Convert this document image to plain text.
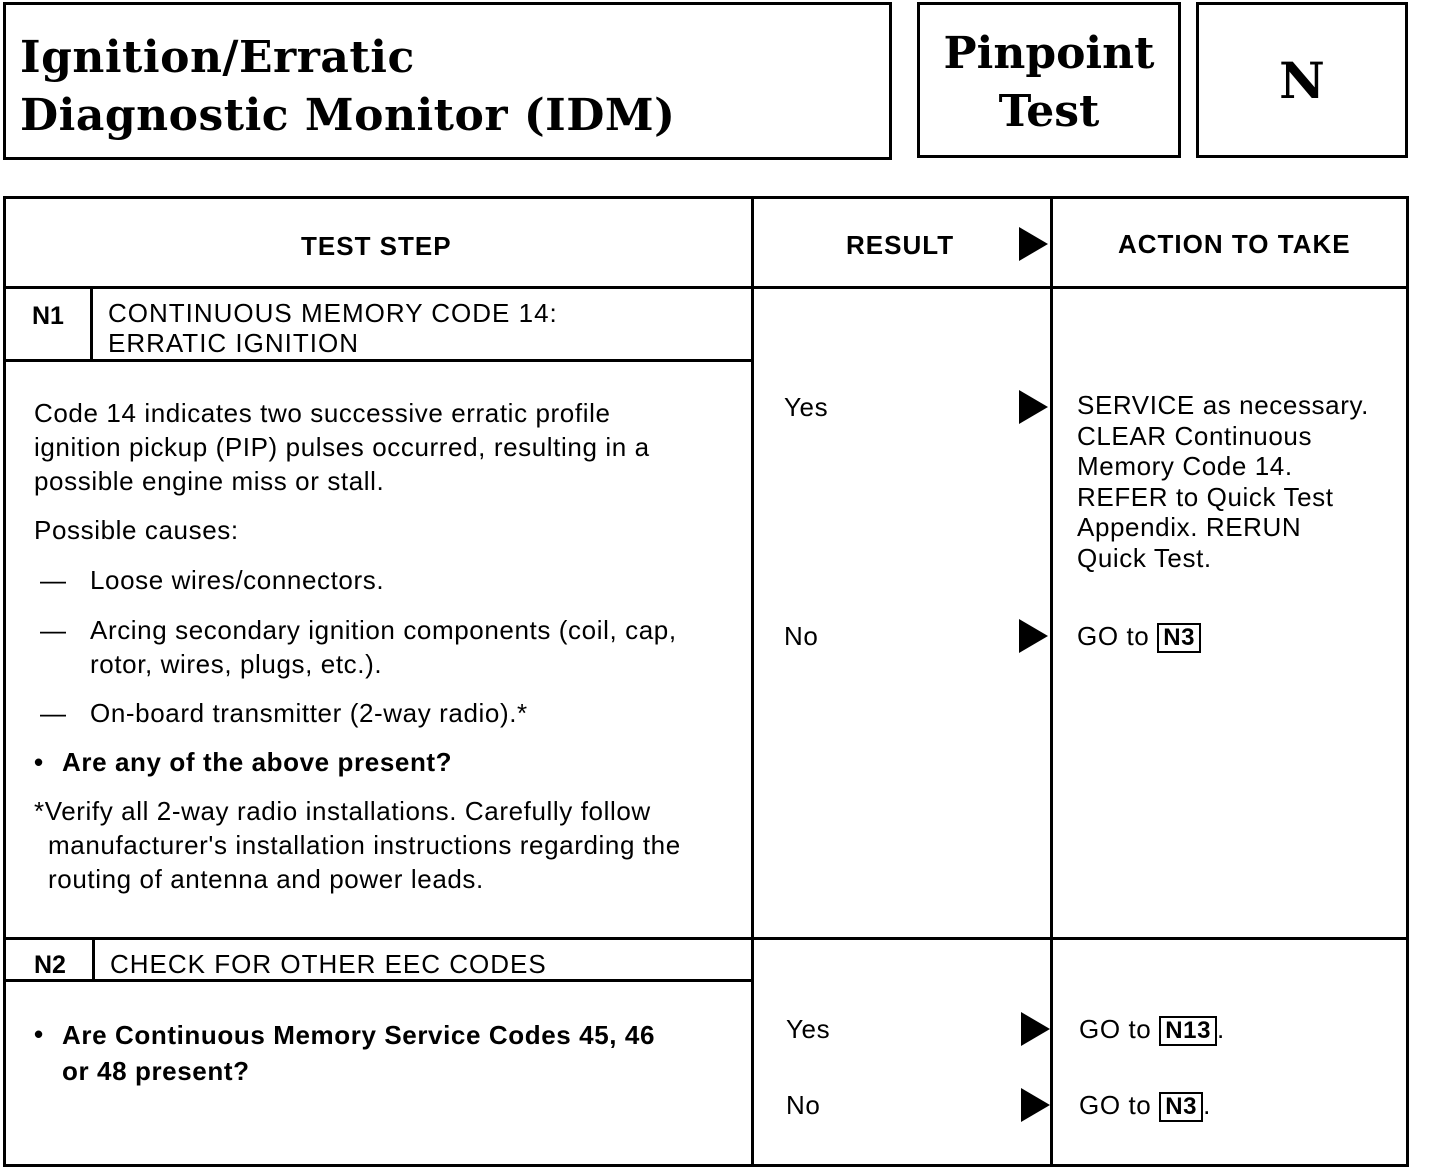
Ignition/Erratic
Diagnostic Monitor (IDM)
Pinpoint
Test
N
TEST STEP	RESULT	ACTION TO TAKE
N1 CONTINUOUS MEMORY CODE 14:
ERRATIC IGNITION
Code 14 indicates two successive erratic profile
ignition pickup (PIP) pulses occurred, resulting in a
possible engine miss or stall.
Possible causes:
— Loose wires/connectors.
— Arcing secondary ignition components (coil, cap,
rotor, wires, plugs, etc.).
— On-board transmitter (2-way radio).*
• Are any of the above present?
*Verify all 2-way radio installations. Carefully follow
manufacturer's installation instructions regarding the
routing of antenna and power leads.
Yes	SERVICE as necessary.
CLEAR Continuous
Memory Code 14.
REFER to Quick Test
Appendix. RERUN
Quick Test.
No	GO to N3
N2 CHECK FOR OTHER EEC CODES
• Are Continuous Memory Service Codes 45, 46
or 48 present?
Yes	GO to N13 .
No	GO to N3 .
